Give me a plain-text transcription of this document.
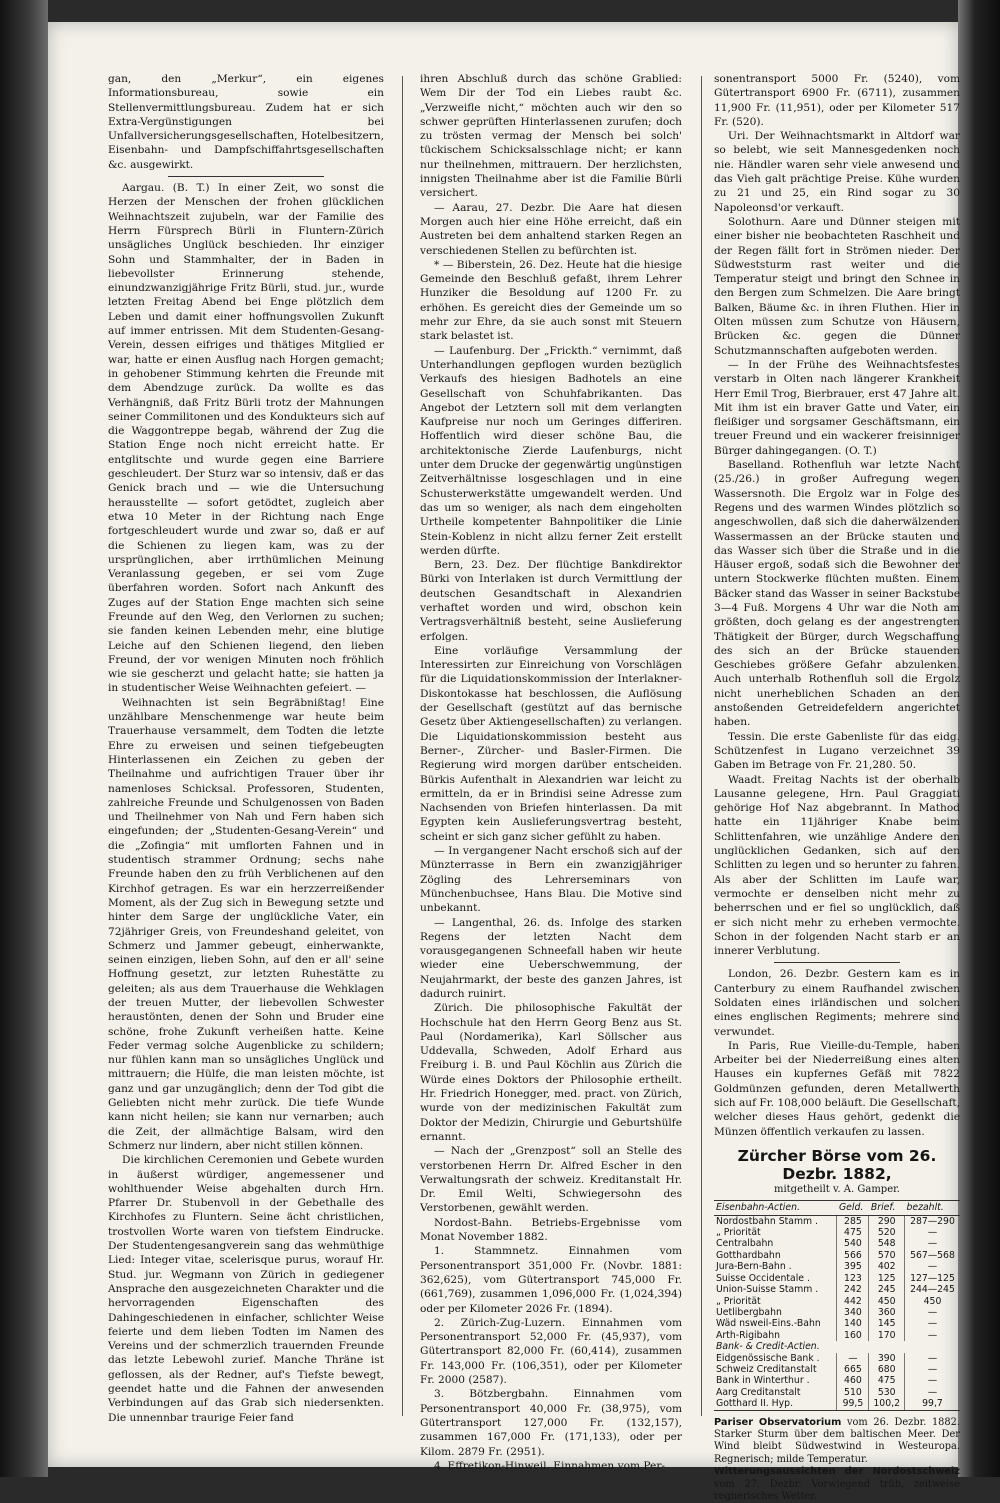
gan, den „Merkur“, ein eigenes Informationsbureau, sowie ein Stellenvermittlungsbureau. Zudem hat er sich Extra-Vergünstigungen bei Unfallversicherungsgesellschaften, Hotelbesitzern, Eisenbahn- und Dampfschiffahrtsgesellschaften &c. ausgewirkt.

Aargau. (B. T.) In einer Zeit, wo sonst die Herzen der Menschen der frohen glücklichen Weihnachtszeit zujubeln, war der Familie des Herrn Fürsprech Bürli in Fluntern-Zürich unsägliches Unglück beschieden. Ihr einziger Sohn und Stammhalter, der in Baden in liebevollster Erinnerung stehende, einundzwanzigjährige Fritz Bürli, stud. jur., wurde letzten Freitag Abend bei Enge plötzlich dem Leben und damit einer hoffnungsvollen Zukunft auf immer entrissen. Mit dem Studenten-Gesang-Verein, dessen eifriges und thätiges Mitglied er war, hatte er einen Ausflug nach Horgen gemacht; in gehobener Stimmung kehrten die Freunde mit dem Abendzuge zurück. Da wollte es das Verhängniß, daß Fritz Bürli trotz der Mahnungen seiner Commilitonen und des Kondukteurs sich auf die Waggontreppe begab, während der Zug die Station Enge noch nicht erreicht hatte. Er entglitschte und wurde gegen eine Barriere geschleudert. Der Sturz war so intensiv, daß er das Genick brach und — wie die Untersuchung herausstellte — sofort getödtet, zugleich aber etwa 10 Meter in der Richtung nach Enge fortgeschleudert wurde und zwar so, daß er auf die Schienen zu liegen kam, was zu der ursprünglichen, aber irrthümlichen Meinung Veranlassung gegeben, er sei vom Zuge überfahren worden. Sofort nach Ankunft des Zuges auf der Station Enge machten sich seine Freunde auf den Weg, den Verlornen zu suchen; sie fanden keinen Lebenden mehr, eine blutige Leiche auf den Schienen liegend, den lieben Freund, der vor wenigen Minuten noch fröhlich wie sie gescherzt und gelacht hatte; sie hatten ja in studentischer Weise Weihnachten gefeiert. —

Weihnachten ist sein Begräbnißtag! Eine unzählbare Menschenmenge war heute beim Trauerhause versammelt, dem Todten die letzte Ehre zu erweisen und seinen tiefgebeugten Hinterlassenen ein Zeichen zu geben der Theilnahme und aufrichtigen Trauer über ihr namenloses Schicksal. Professoren, Studenten, zahlreiche Freunde und Schulgenossen von Baden und Theilnehmer von Nah und Fern haben sich eingefunden; der „Studenten-Gesang-Verein“ und die „Zofingia“ mit umflorten Fahnen und in studentisch strammer Ordnung; sechs nahe Freunde haben den zu früh Verblichenen auf den Kirchhof getragen. Es war ein herzzerreißender Moment, als der Zug sich in Bewegung setzte und hinter dem Sarge der unglückliche Vater, ein 72jähriger Greis, von Freundeshand geleitet, von Schmerz und Jammer gebeugt, einherwankte, seinen einzigen, lieben Sohn, auf den er all' seine Hoffnung gesetzt, zur letzten Ruhestätte zu geleiten; als aus dem Trauerhause die Wehklagen der treuen Mutter, der liebevollen Schwester heraustönten, denen der Sohn und Bruder eine schöne, frohe Zukunft verheißen hatte. Keine Feder vermag solche Augenblicke zu schildern; nur fühlen kann man so unsägliches Unglück und mittrauern; die Hülfe, die man leisten möchte, ist ganz und gar unzugänglich; denn der Tod gibt die Geliebten nicht mehr zurück. Die tiefe Wunde kann nicht heilen; sie kann nur vernarben; auch die Zeit, der allmächtige Balsam, wird den Schmerz nur lindern, aber nicht stillen können.

Die kirchlichen Ceremonien und Gebete wurden in äußerst würdiger, angemessener und wohlthuender Weise abgehalten durch Hrn. Pfarrer Dr. Stubenvoll in der Gebethalle des Kirchhofes zu Fluntern. Seine ächt christlichen, trostvollen Worte waren von tiefstem Eindrucke. Der Studentengesangverein sang das wehmüthige Lied: Integer vitae, scelerisque purus, worauf Hr. Stud. jur. Wegmann von Zürich in gediegener Ansprache den ausgezeichneten Charakter und die hervorragenden Eigenschaften des Dahingeschiedenen in einfacher, schlichter Weise feierte und dem lieben Todten im Namen des Vereins und der schmerzlich trauernden Freunde das letzte Lebewohl zurief. Manche Thräne ist geflossen, als der Redner, auf's Tiefste bewegt, geendet hatte und die Fahnen der anwesenden Verbindungen auf das Grab sich niedersenkten. Die unnennbar traurige Feier fand

ihren Abschluß durch das schöne Grablied: Wem Dir der Tod ein Liebes raubt &c. „Verzweifle nicht,“ möchten auch wir den so schwer geprüften Hinterlassenen zurufen; doch zu trösten vermag der Mensch bei solch' tückischem Schicksalsschlage nicht; er kann nur theilnehmen, mittrauern. Der herzlichsten, innigsten Theilnahme aber ist die Familie Bürli versichert.

— Aarau, 27. Dezbr. Die Aare hat diesen Morgen auch hier eine Höhe erreicht, daß ein Austreten bei dem anhaltend starken Regen an verschiedenen Stellen zu befürchten ist.

* — Biberstein, 26. Dez. Heute hat die hiesige Gemeinde den Beschluß gefaßt, ihrem Lehrer Hunziker die Besoldung auf 1200 Fr. zu erhöhen. Es gereicht dies der Gemeinde um so mehr zur Ehre, da sie auch sonst mit Steuern stark belastet ist.

— Laufenburg. Der „Frickth.“ vernimmt, daß Unterhandlungen gepflogen wurden bezüglich Verkaufs des hiesigen Badhotels an eine Gesellschaft von Schuhfabrikanten. Das Angebot der Letztern soll mit dem verlangten Kaufpreise nur noch um Geringes differiren. Hoffentlich wird dieser schöne Bau, die architektonische Zierde Laufenburgs, nicht unter dem Drucke der gegenwärtig ungünstigen Zeitverhältnisse losgeschlagen und in eine Schusterwerkstätte umgewandelt werden. Und das um so weniger, als nach dem eingeholten Urtheile kompetenter Bahnpolitiker die Linie Stein-Koblenz in nicht allzu ferner Zeit erstellt werden dürfte.

Bern, 23. Dez. Der flüchtige Bankdirektor Bürki von Interlaken ist durch Vermittlung der deutschen Gesandtschaft in Alexandrien verhaftet worden und wird, obschon kein Vertragsverhältniß besteht, seine Auslieferung erfolgen.

Eine vorläufige Versammlung der Interessirten zur Einreichung von Vorschlägen für die Liquidationskommission der Interlakner-Diskontokasse hat beschlossen, die Auflösung der Gesellschaft (gestützt auf das bernische Gesetz über Aktiengesellschaften) zu verlangen. Die Liquidationskommission besteht aus Berner-, Zürcher- und Basler-Firmen. Die Regierung wird morgen darüber entscheiden. Bürkis Aufenthalt in Alexandrien war leicht zu ermitteln, da er in Brindisi seine Adresse zum Nachsenden von Briefen hinterlassen. Da mit Egypten kein Auslieferungsvertrag besteht, scheint er sich ganz sicher gefühlt zu haben.

— In vergangener Nacht erschoß sich auf der Münzterrasse in Bern ein zwanzigjähriger Zögling des Lehrerseminars von Münchenbuchsee, Hans Blau. Die Motive sind unbekannt.

— Langenthal, 26. ds. Infolge des starken Regens der letzten Nacht dem vorausgegangenen Schneefall haben wir heute wieder eine Ueberschwemmung, der Neujahrmarkt, der beste des ganzen Jahres, ist dadurch ruinirt.

Zürich. Die philosophische Fakultät der Hochschule hat den Herrn Georg Benz aus St. Paul (Nordamerika), Karl Söllscher aus Uddevalla, Schweden, Adolf Erhard aus Freiburg i. B. und Paul Köchlin aus Zürich die Würde eines Doktors der Philosophie ertheilt. Hr. Friedrich Honegger, med. pract. von Zürich, wurde von der medizinischen Fakultät zum Doktor der Medizin, Chirurgie und Geburtshülfe ernannt.

— Nach der „Grenzpost“ soll an Stelle des verstorbenen Herrn Dr. Alfred Escher in den Verwaltungsrath der schweiz. Kreditanstalt Hr. Dr. Emil Welti, Schwiegersohn des Verstorbenen, gewählt werden.

Nordost-Bahn. Betriebs-Ergebnisse vom Monat November 1882.

1. Stammnetz. Einnahmen vom Personentransport 351,000 Fr. (Novbr. 1881: 362,625), vom Gütertransport 745,000 Fr. (661,769), zusammen 1,096,000 Fr. (1,024,394) oder per Kilometer 2026 Fr. (1894).

2. Zürich-Zug-Luzern. Einnahmen vom Personentransport 52,000 Fr. (45,937), vom Gütertransport 82,000 Fr. (60,414), zusammen Fr. 143,000 Fr. (106,351), oder per Kilometer Fr. 2000 (2587).

3. Bötzbergbahn. Einnahmen vom Personentransport 40,000 Fr. (38,975), vom Gütertransport 127,000 Fr. (132,157), zusammen 167,000 Fr. (171,133), oder per Kilom. 2879 Fr. (2951).

4. Effretikon-Hinweil. Einnahmen vom Per-

sonentransport 5000 Fr. (5240), vom Gütertransport 6900 Fr. (6711), zusammen 11,900 Fr. (11,951), oder per Kilometer 517 Fr. (520).

Uri. Der Weihnachtsmarkt in Altdorf war so belebt, wie seit Mannesgedenken noch nie. Händler waren sehr viele anwesend und das Vieh galt prächtige Preise. Kühe wurden zu 21 und 25, ein Rind sogar zu 30 Napoleonsd'or verkauft.

Solothurn. Aare und Dünner steigen mit einer bisher nie beobachteten Raschheit und der Regen fällt fort in Strömen nieder. Der Südweststurm rast weiter und die Temperatur steigt und bringt den Schnee in den Bergen zum Schmelzen. Die Aare bringt Balken, Bäume &c. in ihren Fluthen. Hier in Olten müssen zum Schutze von Häusern, Brücken &c. gegen die Dünner Schutzmannschaften aufgeboten werden.

— In der Frühe des Weihnachtsfestes verstarb in Olten nach längerer Krankheit Herr Emil Trog, Bierbrauer, erst 47 Jahre alt. Mit ihm ist ein braver Gatte und Vater, ein fleißiger und sorgsamer Geschäftsmann, ein treuer Freund und ein wackerer freisinniger Bürger dahingegangen. (O. T.)

Baselland. Rothenfluh war letzte Nacht (25./26.) in großer Aufregung wegen Wassersnoth. Die Ergolz war in Folge des Regens und des warmen Windes plötzlich so angeschwollen, daß sich die daherwälzenden Wassermassen an der Brücke stauten und das Wasser sich über die Straße und in die Häuser ergoß, sodaß sich die Bewohner der untern Stockwerke flüchten mußten. Einem Bäcker stand das Wasser in seiner Backstube 3—4 Fuß. Morgens 4 Uhr war die Noth am größten, doch gelang es der angestrengten Thätigkeit der Bürger, durch Wegschaffung des sich an der Brücke stauenden Geschiebes größere Gefahr abzulenken. Auch unterhalb Rothenfluh soll die Ergolz nicht unerheblichen Schaden an den anstoßenden Getreidefeldern angerichtet haben.

Tessin. Die erste Gabenliste für das eidg. Schützenfest in Lugano verzeichnet 39 Gaben im Betrage von Fr. 21,280. 50.

Waadt. Freitag Nachts ist der oberhalb Lausanne gelegene, Hrn. Paul Graggiati gehörige Hof Naz abgebrannt. In Mathod hatte ein 11jähriger Knabe beim Schlittenfahren, wie unzählige Andere den unglücklichen Gedanken, sich auf den Schlitten zu legen und so herunter zu fahren. Als aber der Schlitten im Laufe war, vermochte er denselben nicht mehr zu beherrschen und er fiel so unglücklich, daß er sich nicht mehr zu erheben vermochte. Schon in der folgenden Nacht starb er an innerer Verblutung.

London, 26. Dezbr. Gestern kam es in Canterbury zu einem Raufhandel zwischen Soldaten eines irländischen und solchen eines englischen Regiments; mehrere sind verwundet.

In Paris, Rue Vieille-du-Temple, haben Arbeiter bei der Niederreißung eines alten Hauses ein kupfernes Gefäß mit 7822 Goldmünzen gefunden, deren Metallwerth sich auf Fr. 108,000 beläuft. Die Gesellschaft, welcher dieses Haus gehört, gedenkt die Münzen öffentlich verkaufen zu lassen.

Zürcher Börse vom 26. Dezbr. 1882,
mitgetheilt v. A. Gamper.
Eisenbahn-Actien.	Geld.	Brief.	bezahlt.
Nordostbahn Stamm .	285	290	287—290
„ Priorität	475	520	—
Centralbahn	540	548	—
Gotthardbahn	566	570	567—568
Jura-Bern-Bahn .	395	402	—
Suisse Occidentale .	123	125	127—125
Union-Suisse Stamm .	242	245	244—245
„ Priorität	442	450	450
Uetlibergbahn	340	360	—
Wäd nsweil-Eins.-Bahn	140	145	—
Arth-Rigibahn	160	170	—
Bank- & Credit-Actien.			
Eidgenössische Bank .	—	390	—
Schweiz Creditanstalt	665	680	—
Bank in Winterthur .	460	475	—
Aarg Creditanstalt	510	530	—
Gotthard II. Hyp.	99,5	100,2	99,7
Pariser Observatorium vom 26. Dezbr. 1882. Starker Sturm über dem baltischen Meer. Der Wind bleibt Südwestwind in Westeuropa. Regnerisch; milde Temperatur.
Witterungsaussichten der Nordostschweiz vom 27. Dezbr. Vorwiegend trüb, zeitweise regnerisches Wetter.
